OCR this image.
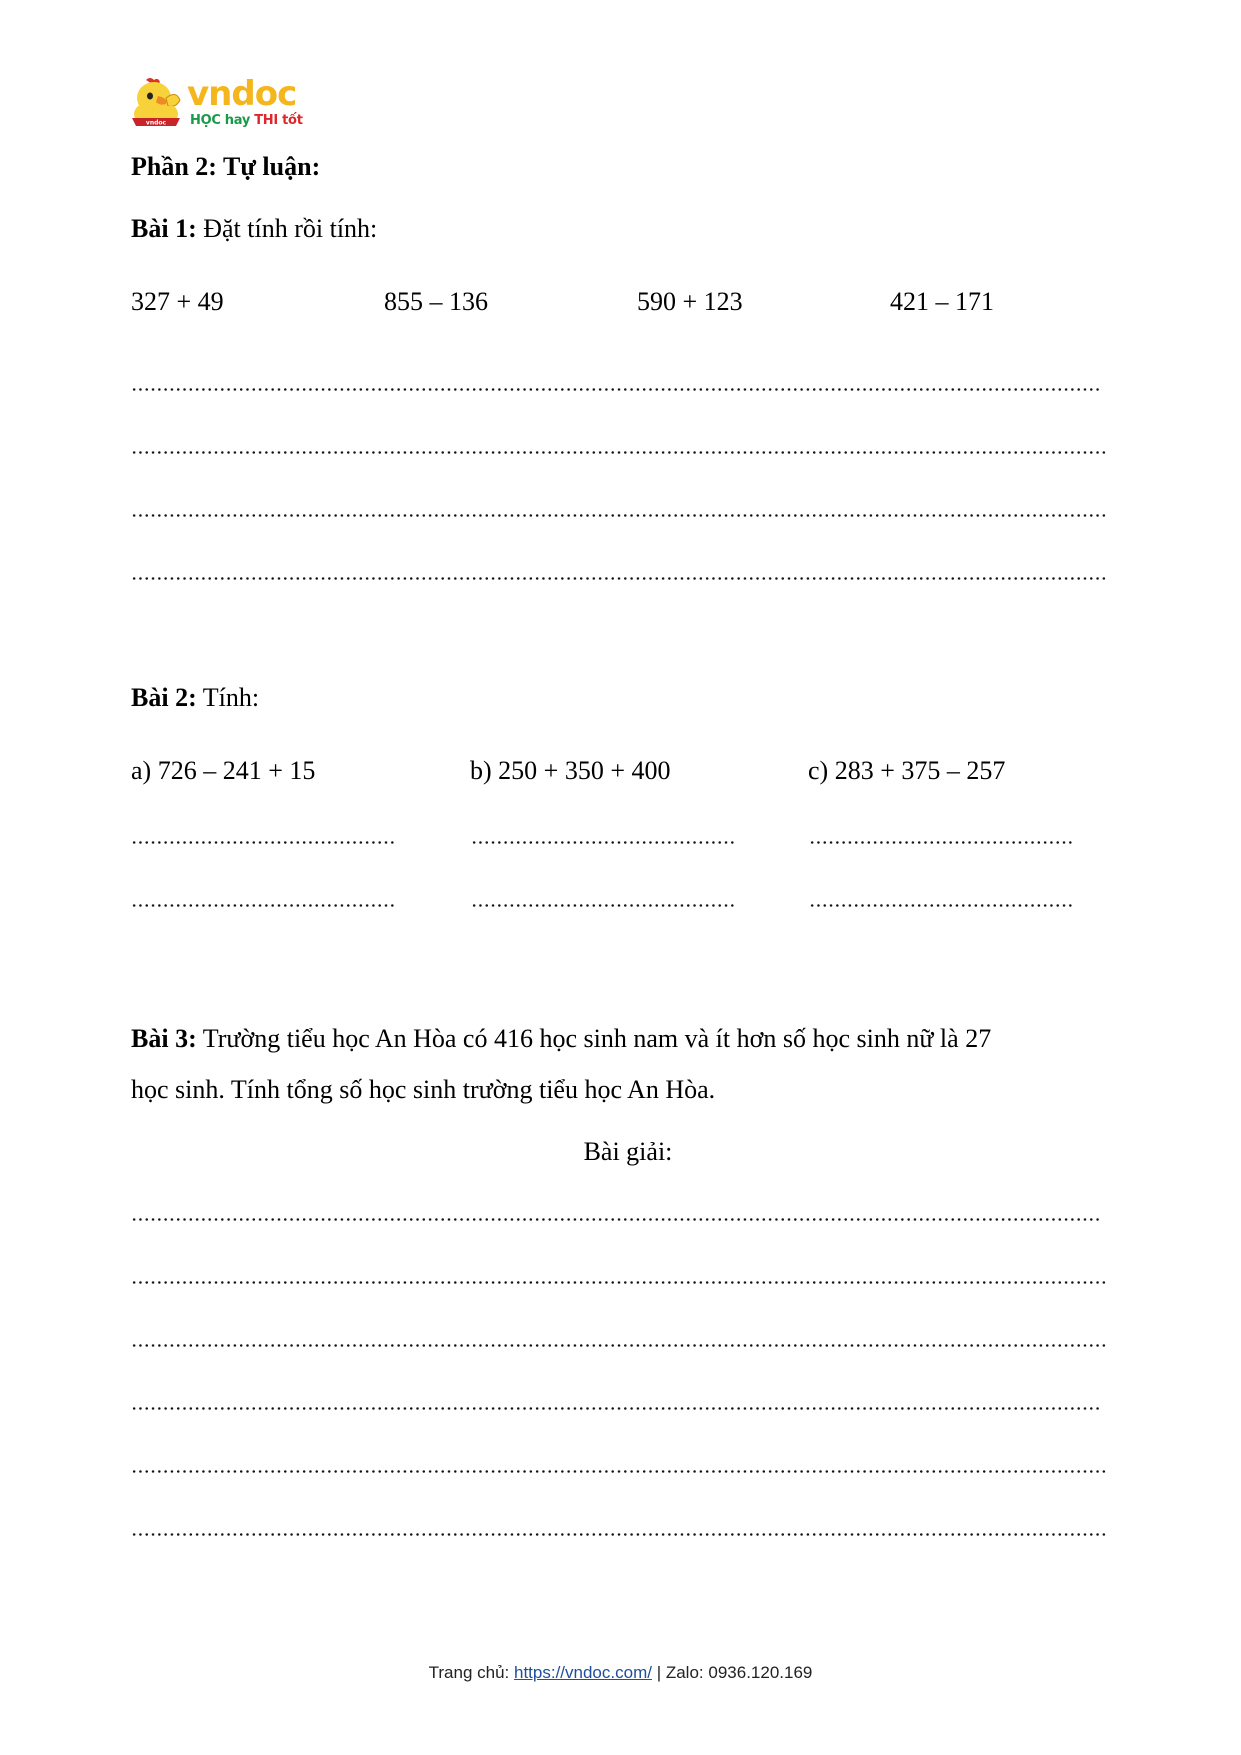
vndoc
vndoc
HỌC hay THI tốt
Phần 2: Tự luận:
Bài 1: Đặt tính rồi tính:
327 + 49	855 – 136	590 + 123	421 – 171
Bài 2: Tính:
a) 726 – 241 + 15	b) 250 + 350 + 400	c) 283 + 375 – 257
Bài 3: Trường tiểu học An Hòa có 416 học sinh nam và ít hơn số học sinh nữ là 27
học sinh. Tính tổng số học sinh trường tiểu học An Hòa.
Bài giải:
Trang chủ: https://vndoc.com/ | Zalo: 0936.120.169
